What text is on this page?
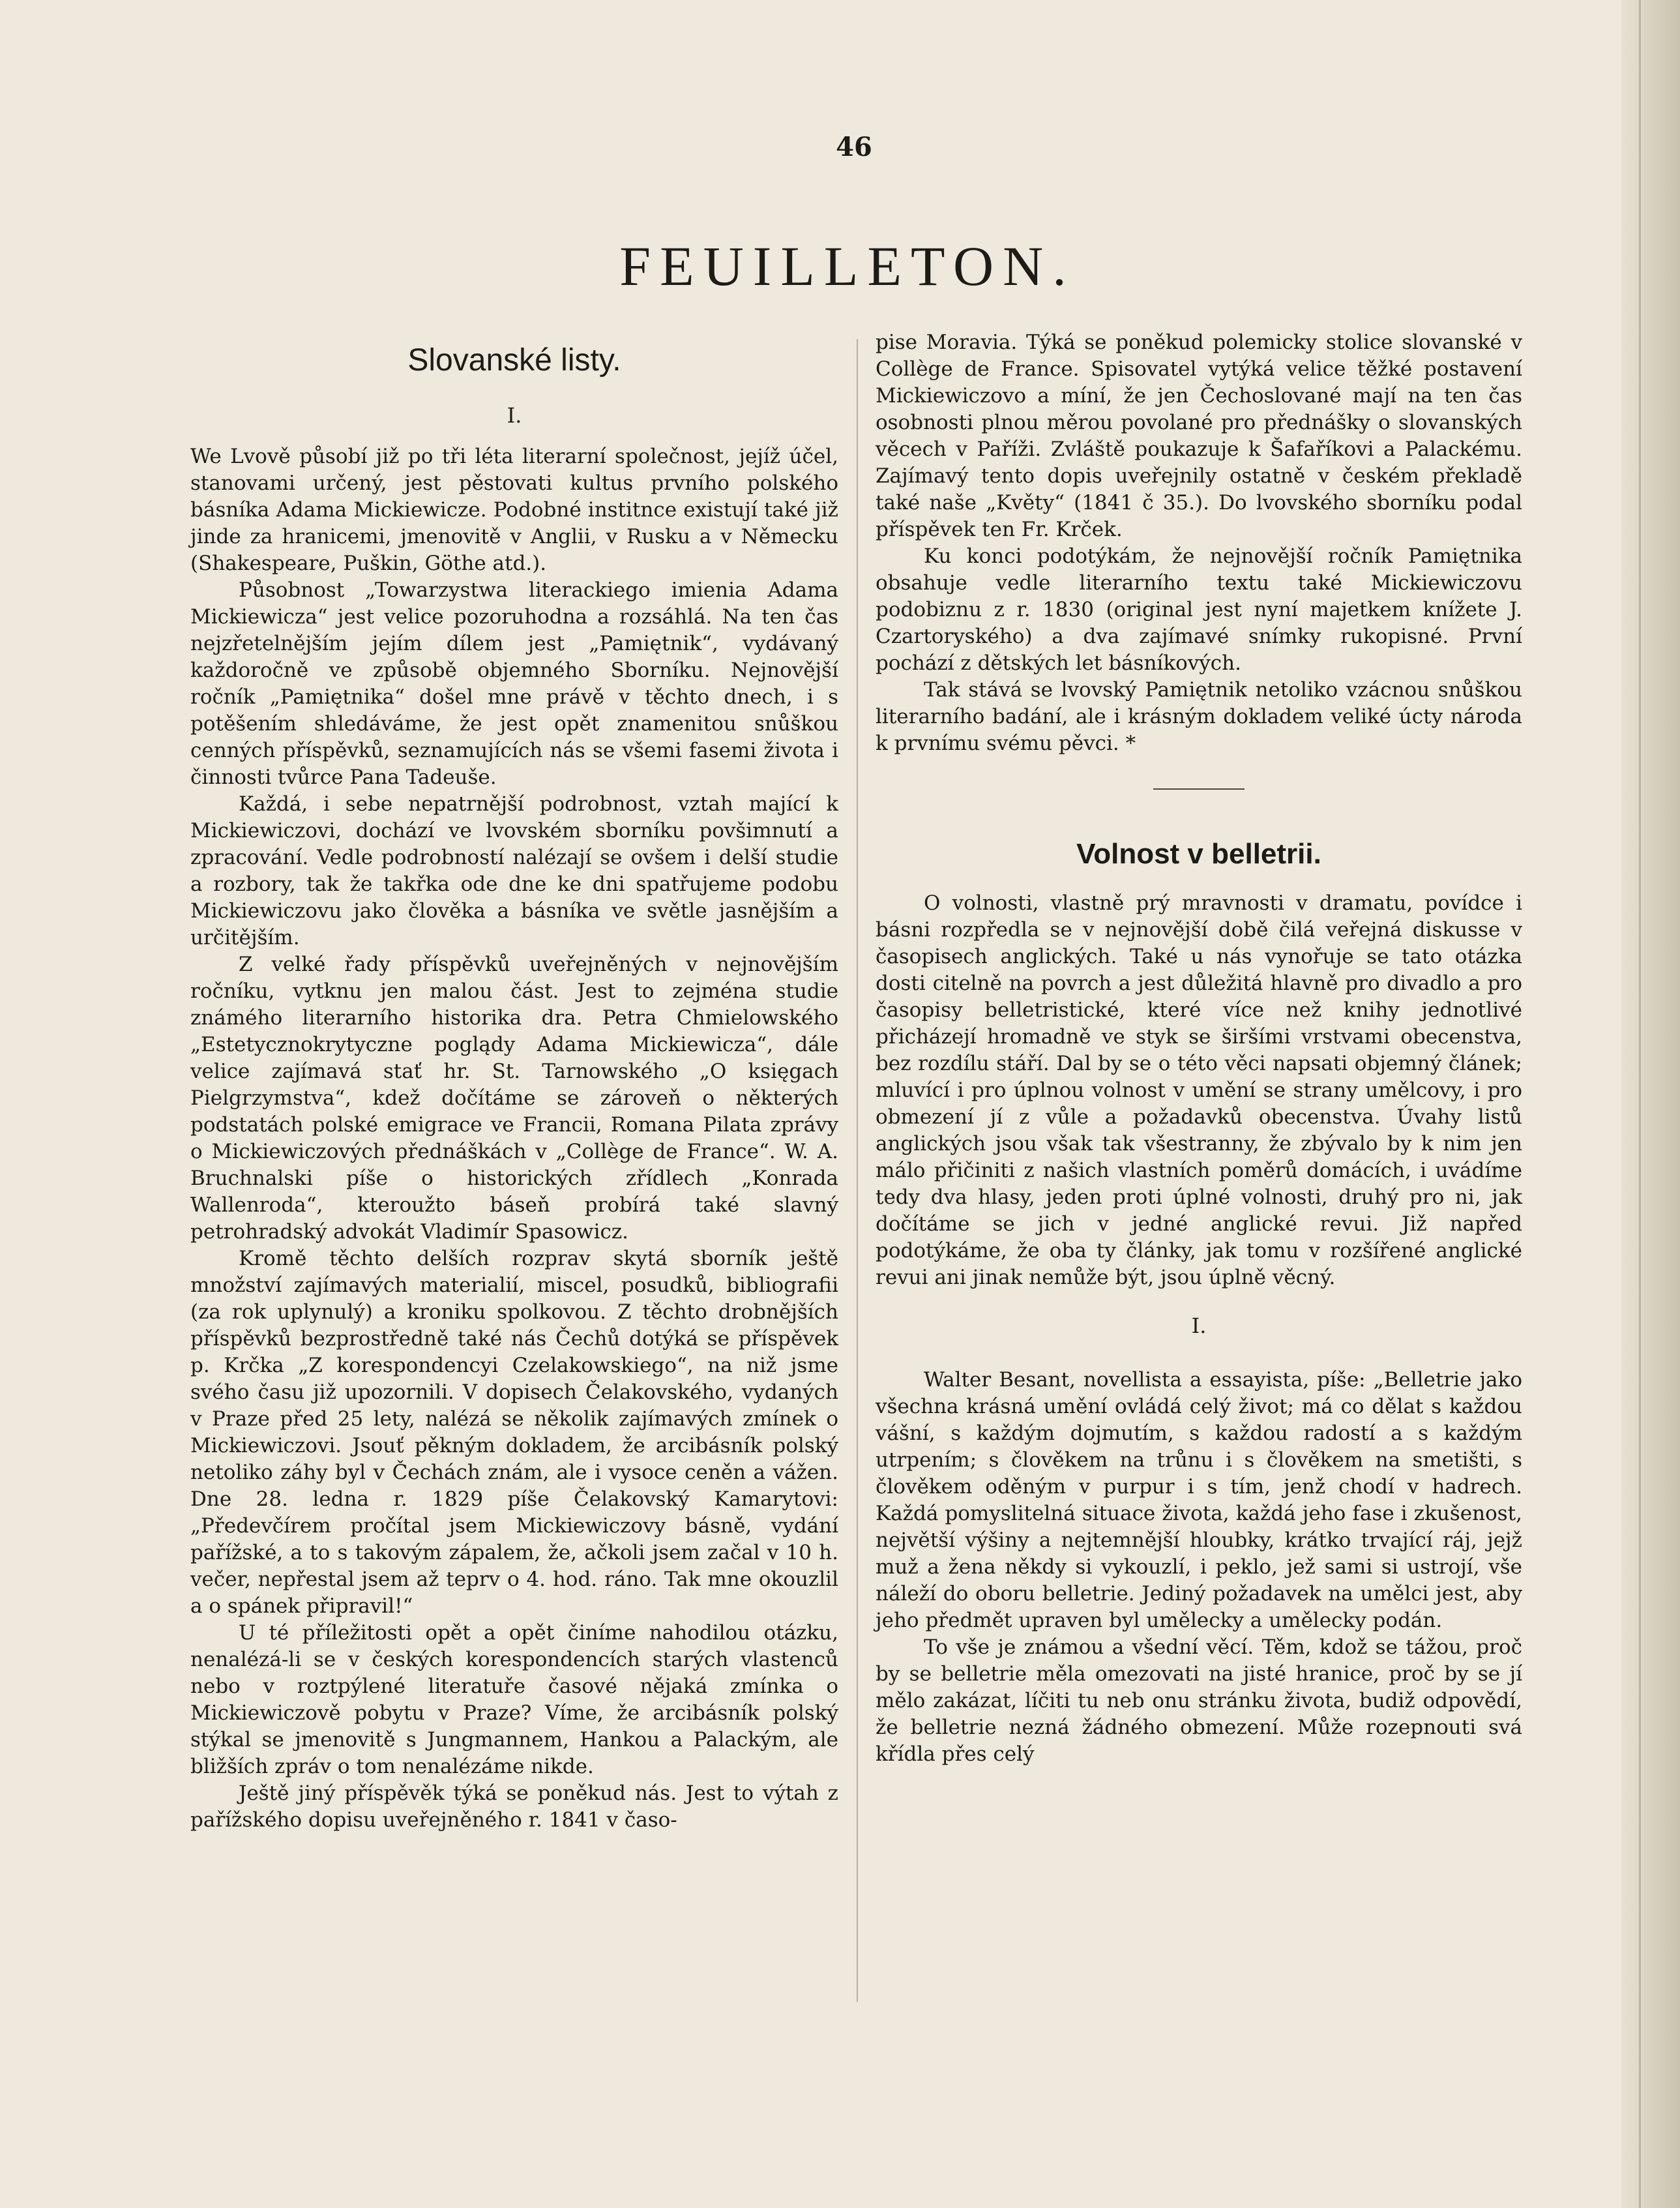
46
FEUILLETON.
Slovanské listy.

I.

We Lvově působí již po tři léta literarní společnost, jejíž účel, stanovami určený, jest pěstovati kultus prvního polského básníka Adama Mickiewicze. Podobné institnce existují také již jinde za hranicemi, jmenovitě v Anglii, v Rusku a v Německu (Shakespeare, Puškin, Göthe atd.).

Působnost „Towarzystwa literackiego imienia Adama Mickiewicza“ jest velice pozoruhodna a rozsáhlá. Na ten čas nejzřetelnějším jejím dílem jest „Pamiętnik“, vydávaný každoročně ve způsobě objemného Sborníku. Nejnovější ročník „Pamiętnika“ došel mne právě v těchto dnech, i s potěšením shledáváme, že jest opět znamenitou snůškou cenných příspěvků, seznamujících nás se všemi fasemi života i činnosti tvůrce Pana Tadeuše.

Každá, i sebe nepatrnější podrobnost, vztah mající k Mickiewiczovi, dochází ve lvovském sborníku povšimnutí a zpracování. Vedle podrobností nalézají se ovšem i delší studie a rozbory, tak že takřka ode dne ke dni spatřujeme podobu Mickiewiczovu jako člověka a básníka ve světle jasnějším a určitějším.

Z velké řady příspěvků uveřejněných v nejnovějším ročníku, vytknu jen malou část. Jest to zejména studie známého literarního historika dra. Petra Chmielowského „Estetycznokrytyczne poglądy Adama Mickiewicza“, dále velice zajímavá stať hr. St. Tarnowského „O księgach Pielgrzymstva“, kdež dočítáme se zároveň o některých podstatách polské emigrace ve Francii, Romana Pilata zprávy o Mickiewiczových přednáškách v „Collège de France“. W. A. Bruchnalski píše o historických zřídlech „Konrada Wallenroda“, kteroužto báseň probírá také slavný petrohradský advokát Vladimír Spasowicz.

Kromě těchto delších rozprav skytá sborník ještě množství zajímavých materialií, miscel, posudků, bibliografii (za rok uplynulý) a kroniku spolkovou. Z těchto drobnějších příspěvků bezprostředně také nás Čechů dotýká se příspěvek p. Krčka „Z korespondencyi Czelakowskiego“, na niž jsme svého času již upozornili. V dopisech Čelakovského, vydaných v Praze před 25 lety, nalézá se několik zajímavých zmínek o Mickiewiczovi. Jsouť pěkným dokladem, že arcibásník polský netoliko záhy byl v Čechách znám, ale i vysoce ceněn a vážen. Dne 28. ledna r. 1829 píše Čelakovský Kamarytovi: „Předevčírem pročítal jsem Mickiewiczovy básně, vydání pařížské, a to s takovým zápalem, že, ačkoli jsem začal v 10 h. večer, nepřestal jsem až teprv o 4. hod. ráno. Tak mne okouzlil a o spánek připravil!“

U té příležitosti opět a opět činíme nahodilou otázku, nenalézá-li se v českých korespondencích starých vlastenců nebo v roztpýlené literatuře časové nějaká zmínka o Mickiewiczově pobytu v Praze? Víme, že arcibásník polský stýkal se jmenovitě s Jungmannem, Hankou a Palackým, ale bližších zpráv o tom nenalézáme nikde.

Ještě jiný příspěvěk týká se poněkud nás. Jest to výtah z pařížského dopisu uveřejněného r. 1841 v časo-

pise Moravia. Týká se poněkud polemicky stolice slovanské v Collège de France. Spisovatel vytýká velice těžké postavení Mickiewiczovo a míní, že jen Čechoslované mají na ten čas osobnosti plnou měrou povolané pro přednášky o slovanských věcech v Paříži. Zvláště poukazuje k Šafaříkovi a Palackému. Zajímavý tento dopis uveřejnily ostatně v českém překladě také naše „Květy“ (1841 č 35.). Do lvovského sborníku podal příspěvek ten Fr. Krček.

Ku konci podotýkám, že nejnovější ročník Pamiętnika obsahuje vedle literarního textu také Mickiewiczovu podobiznu z r. 1830 (original jest nyní majetkem knížete J. Czartoryského) a dva zajímavé snímky rukopisné. První pochází z dětských let básníkových.

Tak stává se lvovský Pamiętnik netoliko vzácnou snůškou literarního badání, ale i krásným dokladem veliké úcty národa k prvnímu svému pěvci. *

Volnost v belletrii.

O volnosti, vlastně prý mravnosti v dramatu, povídce i básni rozpředla se v nejnovější době čilá veřejná diskusse v časopisech anglických. Také u nás vynořuje se tato otázka dosti citelně na povrch a jest důležitá hlavně pro divadlo a pro časopisy belletristické, které více než knihy jednotlivé přicházejí hromadně ve styk se širšími vrstvami obecenstva, bez rozdílu stáří. Dal by se o této věci napsati objemný článek; mluvící i pro úplnou volnost v umění se strany umělcovy, i pro obmezení jí z vůle a požadavků obecenstva. Úvahy listů anglických jsou však tak všestranny, že zbývalo by k nim jen málo přičiniti z našich vlastních poměrů domácích, i uvádíme tedy dva hlasy, jeden proti úplné volnosti, druhý pro ni, jak dočítáme se jich v jedné anglické revui. Již napřed podotýkáme, že oba ty články, jak tomu v rozšířené anglické revui ani jinak nemůže být, jsou úplně věcný.

I.

Walter Besant, novellista a essayista, píše: „Belletrie jako všechna krásná umění ovládá celý život; má co dělat s každou vášní, s každým dojmutím, s každou radostí a s každým utrpením; s člověkem na trůnu i s člověkem na smetišti, s člověkem oděným v purpur i s tím, jenž chodí v hadrech. Každá pomyslitelná situace života, každá jeho fase i zkušenost, největší výšiny a nejtemnější hloubky, krátko trvající ráj, jejž muž a žena někdy si vykouzlí, i peklo, jež sami si ustrojí, vše náleží do oboru belletrie. Jediný požadavek na umělci jest, aby jeho předmět upraven byl umělecky a umělecky podán.

To vše je známou a všední věcí. Těm, kdož se tážou, proč by se belletrie měla omezovati na jisté hranice, proč by se jí mělo zakázat, líčiti tu neb onu stránku života, budiž odpovědí, že belletrie nezná žádného obmezení. Může rozepnouti svá křídla přes celý
